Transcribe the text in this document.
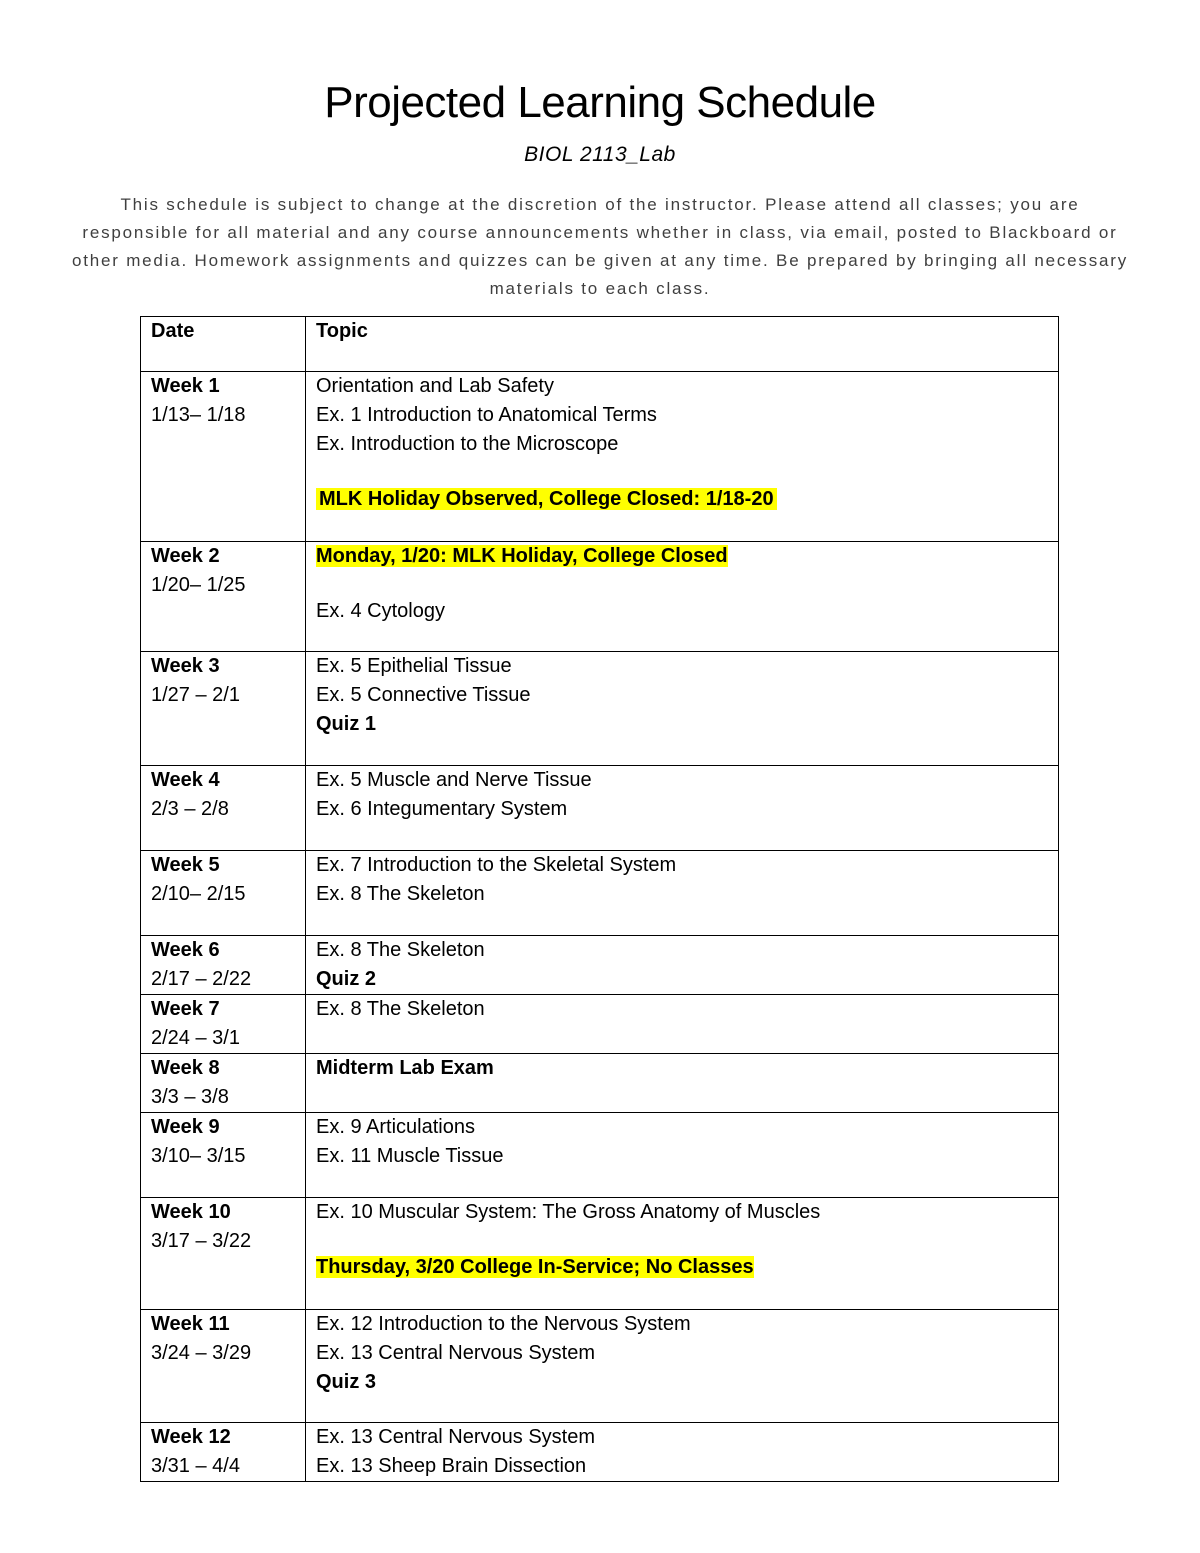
Projected Learning Schedule
BIOL 2113_Lab
This schedule is subject to change at the discretion of the instructor. Please attend all classes; you are responsible for all material and any course announcements whether in class, via email, posted to Blackboard or other media. Homework assignments and quizzes can be given at any time. Be prepared by bringing all necessary materials to each class.
Date	Topic

Week 1
1/13– 1/18	Orientation and Lab Safety
Ex. 1 Introduction to Anatomical Terms
Ex. Introduction to the Microscope
MLK Holiday Observed, College Closed: 1/18-20

Week 2
1/20– 1/25	Monday, 1/20: MLK Holiday, College Closed
Ex. 4 Cytology

Week 3
1/27 – 2/1	Ex. 5 Epithelial Tissue
Ex. 5 Connective Tissue
Quiz 1

Week 4
2/3 – 2/8	Ex. 5 Muscle and Nerve Tissue
Ex. 6 Integumentary System

Week 5
2/10– 2/15	Ex. 7 Introduction to the Skeletal System
Ex. 8 The Skeleton

Week 6
2/17 – 2/22	Ex. 8 The Skeleton
Quiz 2

Week 7
2/24 – 3/1	Ex. 8 The Skeleton

Week 8
3/3 – 3/8	Midterm Lab Exam

Week 9
3/10– 3/15	Ex. 9 Articulations
Ex. 11 Muscle Tissue

Week 10
3/17 – 3/22	Ex. 10 Muscular System: The Gross Anatomy of Muscles
Thursday, 3/20 College In-Service; No Classes

Week 11
3/24 – 3/29	Ex. 12 Introduction to the Nervous System
Ex. 13 Central Nervous System
Quiz 3

Week 12
3/31 – 4/4	Ex. 13 Central Nervous System
Ex. 13 Sheep Brain Dissection
